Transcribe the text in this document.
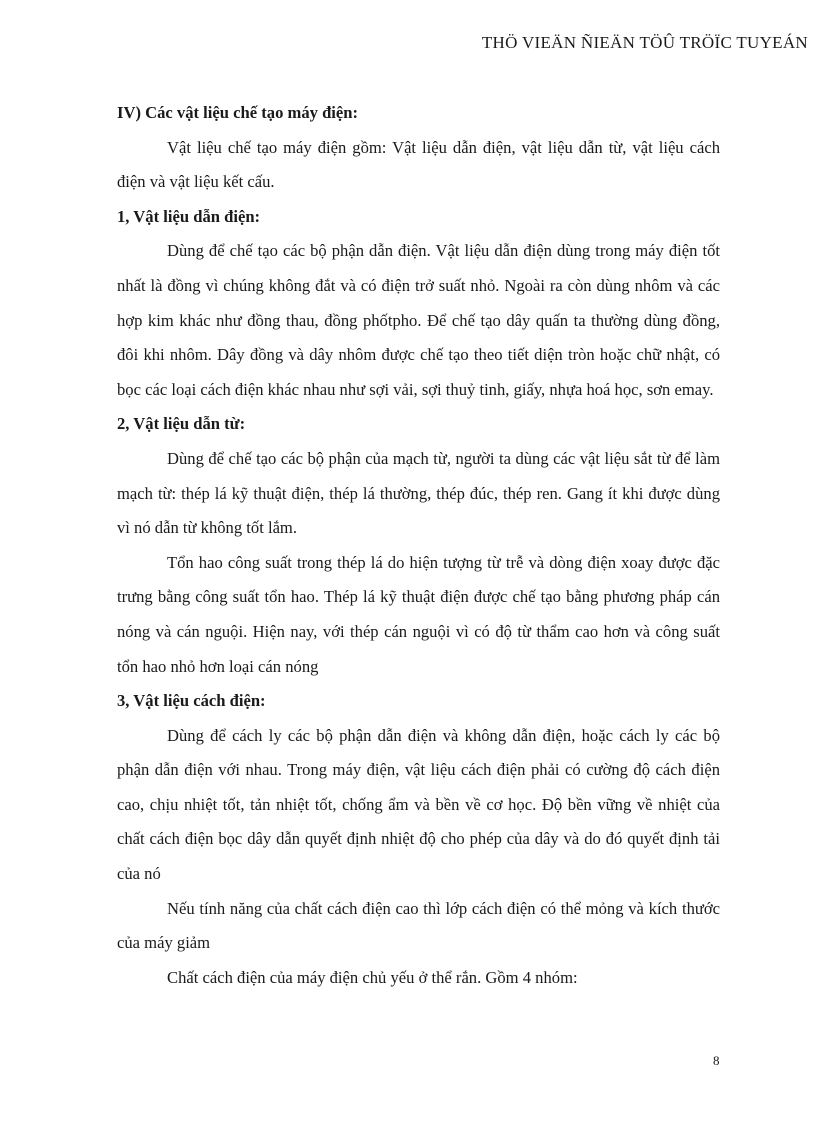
THÖ VIEÄN ÑIEÄN TÖÛ TRÖÏC TUYEÁN

IV) Các vật liệu chế tạo máy điện:

Vật liệu chế tạo máy điện gồm: Vật liệu dẫn điện, vật liệu dẫn từ, vật liệu cách điện và vật liệu kết cấu.

1, Vật liệu dẫn điện:

Dùng để chế tạo các bộ phận dẫn điện. Vật liệu dẫn điện dùng trong máy điện tốt nhất là đồng vì chúng không đắt và có điện trở suất nhỏ. Ngoài ra còn dùng nhôm và các hợp kim khác như đồng thau, đồng phốtpho. Để chế tạo dây quấn ta thường dùng đồng, đôi khi nhôm. Dây đồng và dây nhôm được chế tạo theo tiết diện tròn hoặc chữ nhật, có bọc các loại cách điện khác nhau như sợi vải, sợi thuỷ tinh, giấy, nhựa hoá học, sơn emay.

2, Vật liệu dẫn từ:

Dùng để chế tạo các bộ phận của mạch từ, người ta dùng các vật liệu sắt từ để làm mạch từ: thép lá kỹ thuật điện, thép lá thường, thép đúc, thép ren. Gang ít khi được dùng vì nó dẫn từ không tốt lắm.

Tổn hao công suất trong thép lá do hiện tượng từ trễ và dòng điện xoay được đặc trưng bằng công suất tổn hao. Thép lá kỹ thuật điện được chế tạo bằng phương pháp cán nóng và cán nguội. Hiện nay, với thép cán nguội vì có độ từ thẩm cao hơn và công suất tổn hao nhỏ hơn loại cán nóng

3, Vật liệu cách điện:

Dùng để cách ly các bộ phận dẫn điện và không dẫn điện, hoặc cách ly các bộ phận dẫn điện với nhau. Trong máy điện, vật liệu cách điện phải có cường độ cách điện cao, chịu nhiệt tốt, tản nhiệt tốt, chống ẩm và bền về cơ học. Độ bền vững về nhiệt của chất cách điện bọc dây dẫn quyết định nhiệt độ cho phép của dây và do đó quyết định tải của nó

Nếu tính năng của chất cách điện cao thì lớp cách điện có thể mỏng và kích thước của máy giảm

Chất cách điện của máy điện chủ yếu ở thể rắn. Gồm 4 nhóm:

8
